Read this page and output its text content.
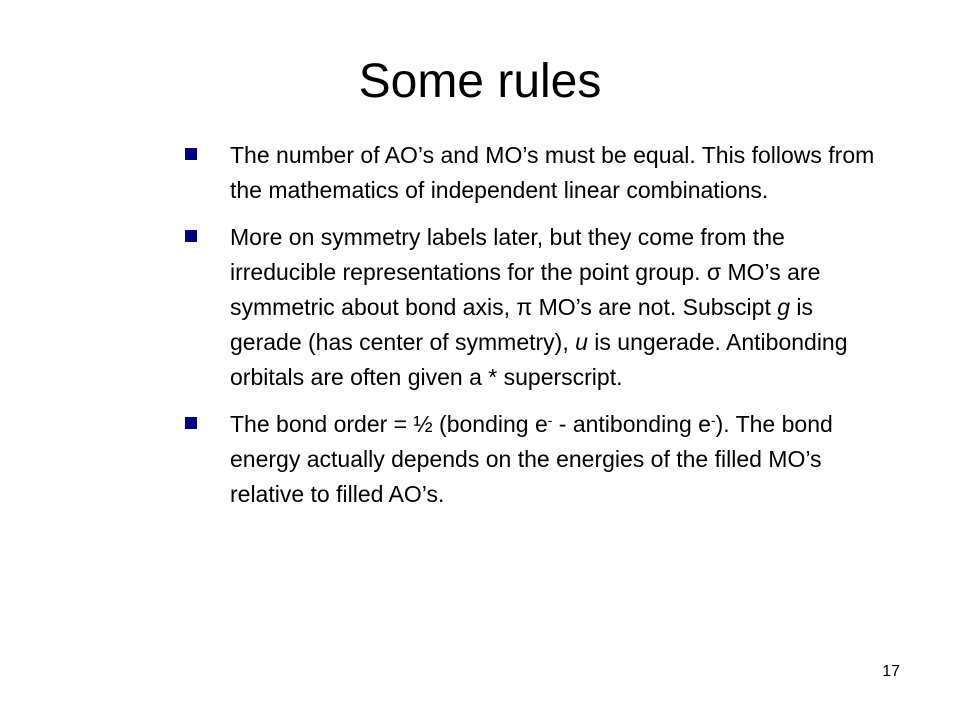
Some rules
The number of AO’s and MO’s must be equal. This follows from the mathematics of independent linear combinations.
More on symmetry labels later, but they come from the irreducible representations for the point group. σ MO’s are symmetric about bond axis, π MO’s are not. Subscipt g is gerade (has center of symmetry), u is ungerade. Antibonding orbitals are often given a * superscript.
The bond order = ½ (bonding e- - antibonding e-). The bond energy actually depends on the energies of the filled MO’s relative to filled AO’s.
17
